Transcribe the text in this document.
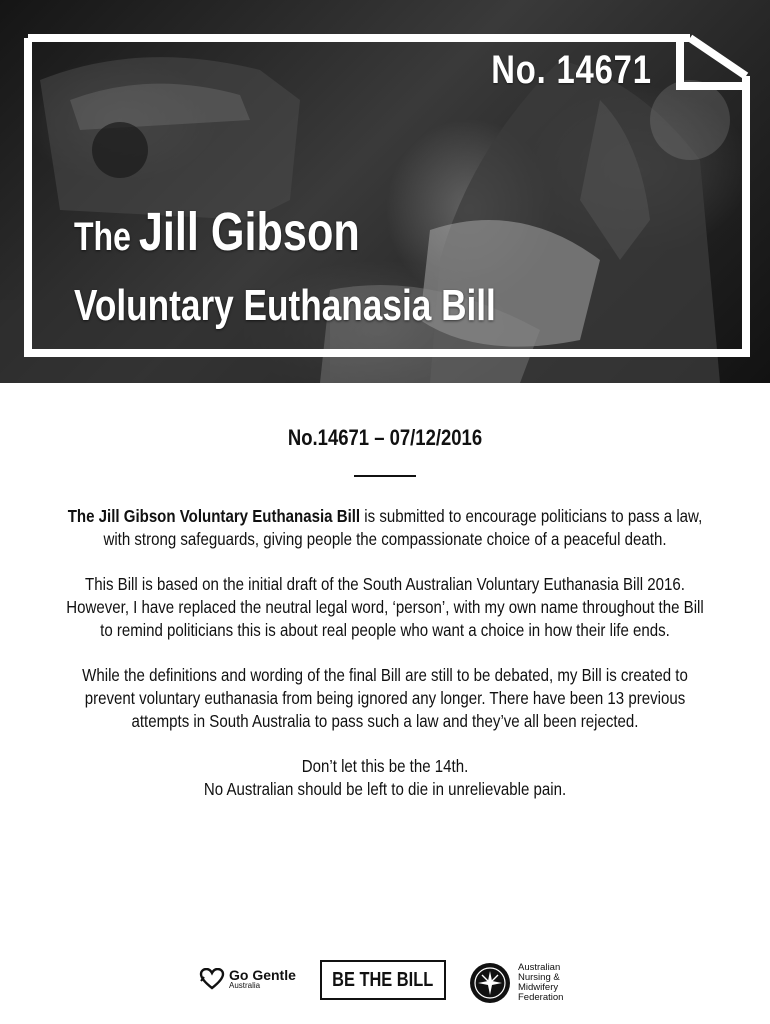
No. 14671
The Jill Gibson
Voluntary Euthanasia Bill

No.14671 – 07/12/2016

The Jill Gibson Voluntary Euthanasia Bill is submitted to encourage politicians to pass a law, with strong safeguards, giving people the compassionate choice of a peaceful death.

This Bill is based on the initial draft of the South Australian Voluntary Euthanasia Bill 2016. However, I have replaced the neutral legal word, ‘person’, with my own name throughout the Bill to remind politicians this is about real people who want a choice in how their life ends.

While the definitions and wording of the final Bill are still to be debated, my Bill is created to prevent voluntary euthanasia from being ignored any longer. There have been 13 previous attempts in South Australia to pass such a law and they’ve all been rejected.

Don’t let this be the 14th.
No Australian should be left to die in unrelievable pain.

Go Gentle
Australia	BE THE BILL
Australian
Nursing &
Midwifery
Federation
